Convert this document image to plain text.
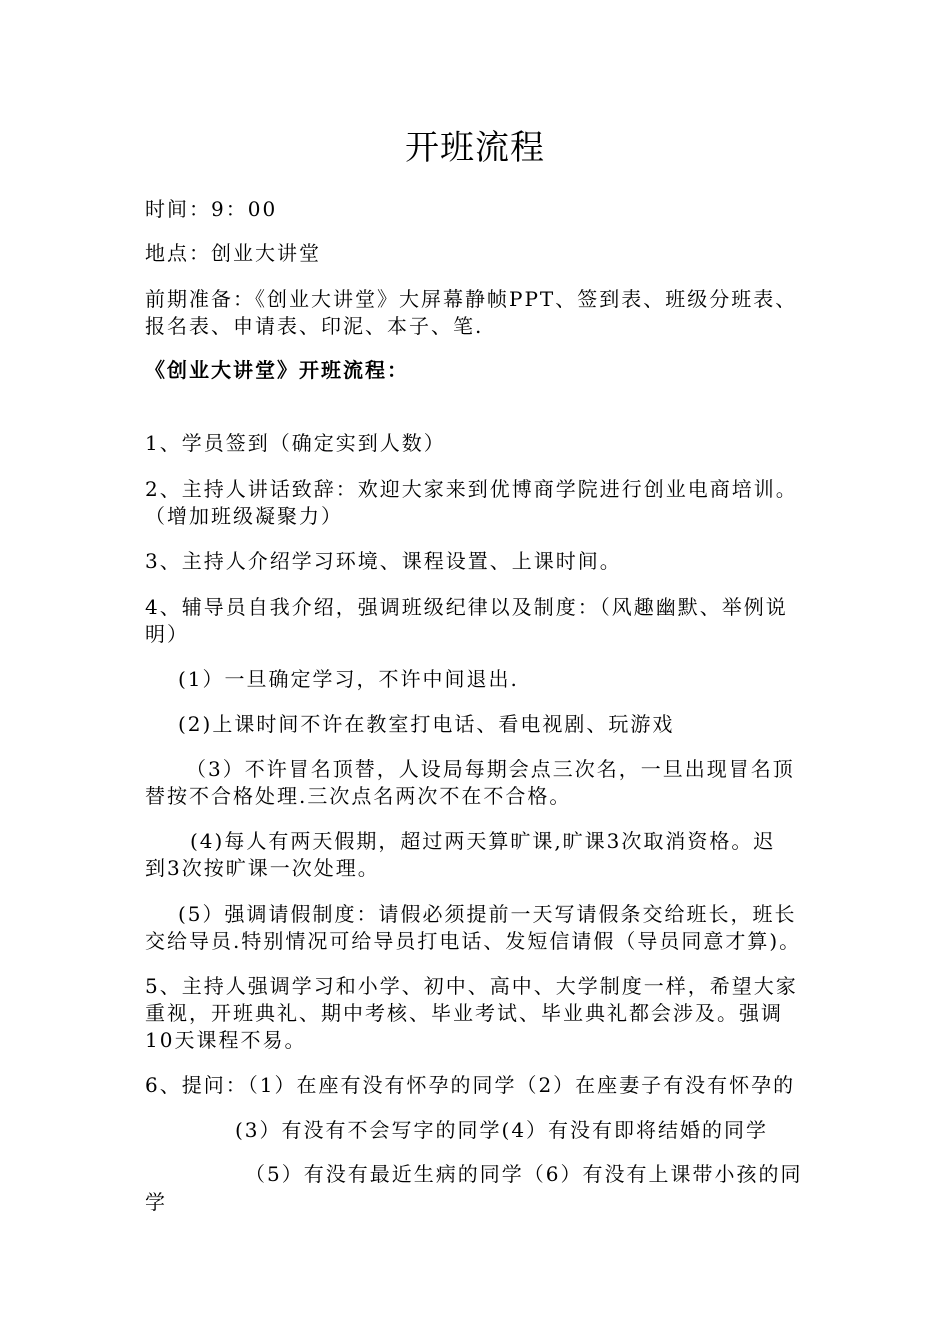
开班流程
时间：9：00
地点：创业大讲堂
前期准备：《创业大讲堂》大屏幕静帧PPT、签到表、班级分班表、
报名表、申请表、印泥、本子、笔.
《创业大讲堂》开班流程：
1、学员签到（确定实到人数）
2、主持人讲话致辞：欢迎大家来到优博商学院进行创业电商培训。
（增加班级凝聚力）
3、主持人介绍学习环境、课程设置、上课时间。
4、辅导员自我介绍，强调班级纪律以及制度：（风趣幽默、举例说
明）
(1）一旦确定学习，不许中间退出.
(2)上课时间不许在教室打电话、看电视剧、玩游戏
（3）不许冒名顶替，人设局每期会点三次名，一旦出现冒名顶
替按不合格处理.三次点名两次不在不合格。
(4)每人有两天假期，超过两天算旷课,旷课3次取消资格。迟
到3次按旷课一次处理。
(5）强调请假制度：请假必须提前一天写请假条交给班长，班长
交给导员.特别情况可给导员打电话、发短信请假（导员同意才算)。
5、主持人强调学习和小学、初中、高中、大学制度一样，希望大家
重视，开班典礼、期中考核、毕业考试、毕业典礼都会涉及。强调
10天课程不易。
6、提问：（1）在座有没有怀孕的同学（2）在座妻子有没有怀孕的
(3）有没有不会写字的同学(4）有没有即将结婚的同学
（5）有没有最近生病的同学（6）有没有上课带小孩的同
学
